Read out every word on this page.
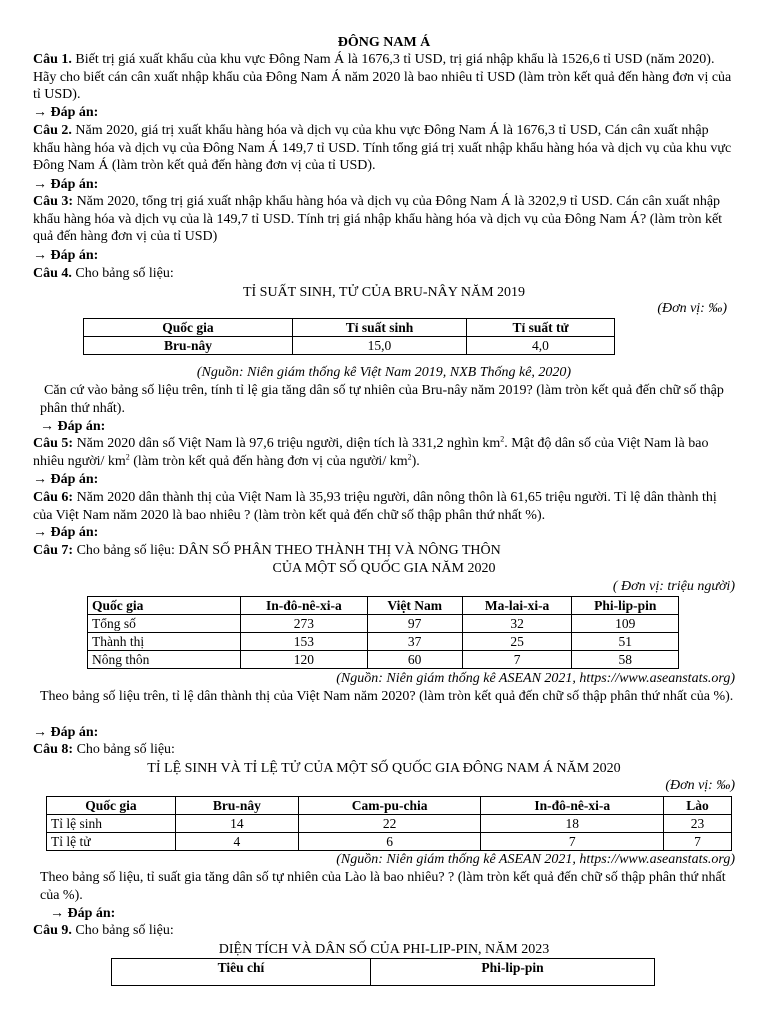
ĐÔNG NAM Á
Câu 1. Biết trị giá xuất khẩu của khu vực Đông Nam Á là 1676,3 tỉ USD, trị giá nhập khẩu là 1526,6 tỉ USD (năm 2020). Hãy cho biết cán cân xuất nhập khẩu của Đông Nam Á năm 2020 là bao nhiêu tỉ USD (làm tròn kết quả đến hàng đơn vị của tỉ USD).
→ Đáp án:
Câu 2. Năm 2020, giá trị xuất khẩu hàng hóa và dịch vụ của khu vực Đông Nam Á là 1676,3 tỉ USD, Cán cân xuất nhập khẩu hàng hóa và dịch vụ của Đông Nam Á 149,7 tỉ USD. Tính tổng giá trị xuất nhập khẩu hàng hóa và dịch vụ của khu vực Đông Nam Á (làm tròn kết quả đến hàng đơn vị của tỉ USD).
→ Đáp án:
Câu 3: Năm 2020, tổng trị giá xuất nhập khẩu hàng hóa và dịch vụ của Đông Nam Á là 3202,9 tỉ USD. Cán cân xuất nhập khẩu hàng hóa và dịch vụ của là 149,7 tỉ USD. Tính trị giá nhập khẩu hàng hóa và dịch vụ của Đông Nam Á? (làm tròn kết quả đến hàng đơn vị của tỉ USD)
→ Đáp án:
Câu 4. Cho bảng số liệu:
TỈ SUẤT SINH, TỬ CỦA BRU-NÂY NĂM 2019
(Đơn vị: ‰)
Quốc gia	Tỉ suất sinh	Tỉ suất tử
Bru-nây	15,0	4,0
(Nguồn: Niên giám thống kê Việt Nam 2019, NXB Thống kê, 2020)
Căn cứ vào bảng số liệu trên, tính tỉ lệ gia tăng dân số tự nhiên của Bru-nây năm 2019? (làm tròn kết quả đến chữ số thập phân thứ nhất).
→ Đáp án:
Câu 5: Năm 2020 dân số Việt Nam là 97,6 triệu người, diện tích là 331,2 nghìn $km^2$. Mật độ dân số của Việt Nam là bao nhiêu người/ $km^2$ (làm tròn kết quả đến hàng đơn vị của người/ $km^2$).
→ Đáp án:
Câu 6: Năm 2020 dân thành thị của Việt Nam là 35,93 triệu người, dân nông thôn là 61,65 triệu người. Tỉ lệ dân thành thị của Việt Nam năm 2020 là bao nhiêu ? (làm tròn kết quả đến chữ số thập phân thứ nhất %).
→ Đáp án:
Câu 7: Cho bảng số liệu: DÂN SỐ PHÂN THEO THÀNH THỊ VÀ NÔNG THÔN
CỦA MỘT SỐ QUỐC GIA NĂM 2020
( Đơn vị: triệu người)
Quốc gia	In-đô-nê-xi-a	Việt Nam	Ma-lai-xi-a	Phi-lip-pin
Tổng số	273	97	32	109
Thành thị	153	37	25	51
Nông thôn	120	60	7	58
(Nguồn: Niên giám thống kê ASEAN 2021, https://www.aseanstats.org)
Theo bảng số liệu trên, tỉ lệ dân thành thị của Việt Nam năm 2020? (làm tròn kết quả đến chữ số thập phân thứ nhất của %).
→ Đáp án:
Câu 8: Cho bảng số liệu:
TỈ LỆ SINH VÀ TỈ LỆ TỬ CỦA MỘT SỐ QUỐC GIA ĐÔNG NAM Á NĂM 2020
(Đơn vị: ‰)
Quốc gia	Bru-nây	Cam-pu-chia	In-đô-nê-xi-a	Lào
Tỉ lệ sinh	14	22	18	23
Tỉ lệ tử	4	6	7	7
(Nguồn: Niên giám thống kê ASEAN 2021, https://www.aseanstats.org)
Theo bảng số liệu, tỉ suất gia tăng dân số tự nhiên của Lào là bao nhiêu? ? (làm tròn kết quả đến chữ số thập phân thứ nhất của %).
→ Đáp án:
Câu 9. Cho bảng số liệu:
DIỆN TÍCH VÀ DÂN SỐ CỦA PHI-LIP-PIN, NĂM 2023
Tiêu chí	Phi-lip-pin
